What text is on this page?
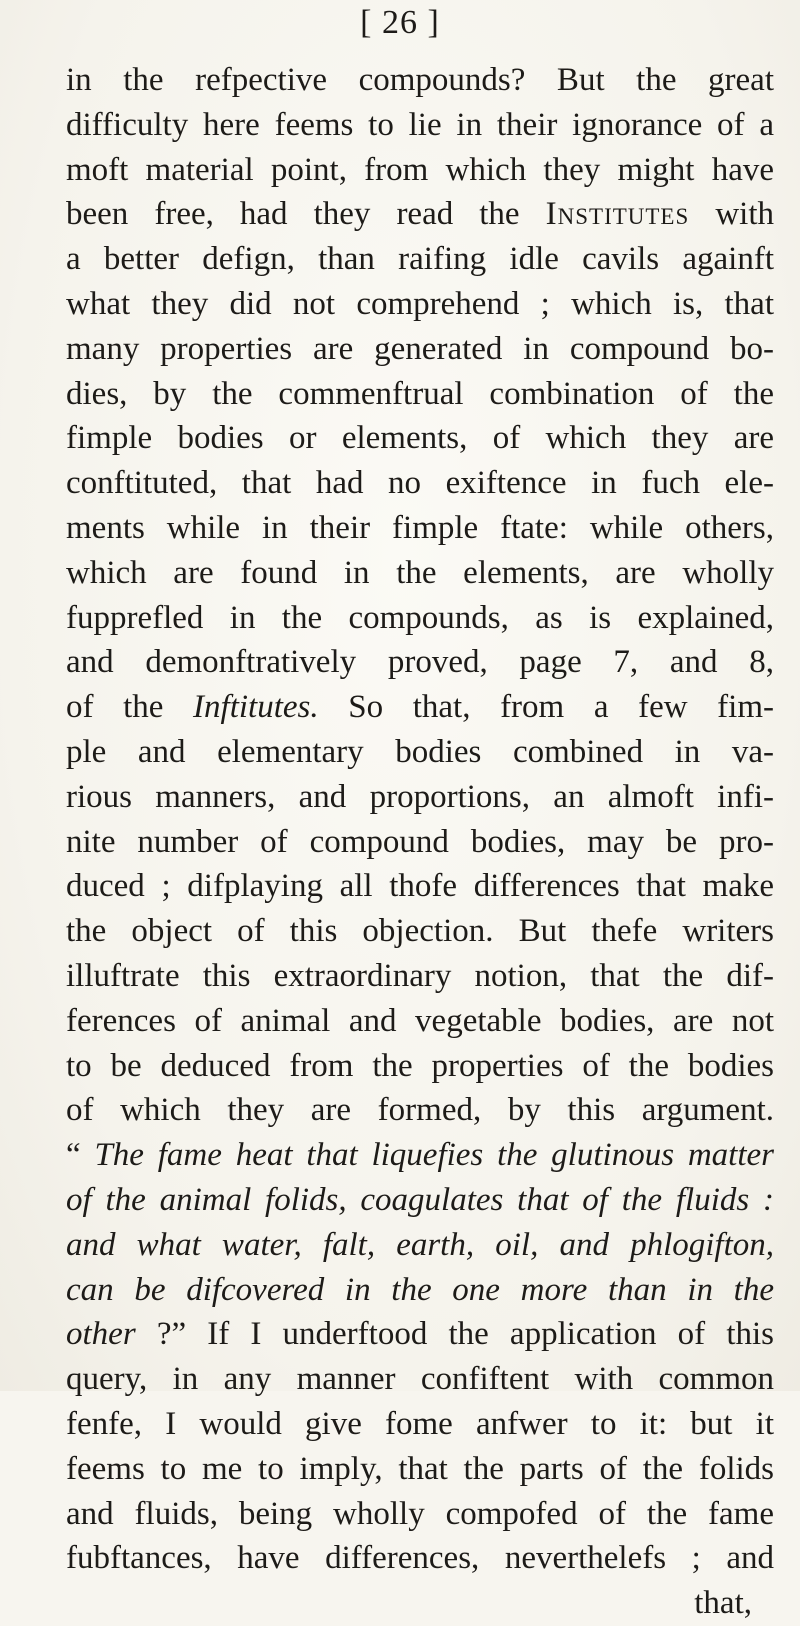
[ 26 ]
in the refpective compounds? But the great
difficulty here feems to lie in their ignorance of a
moft material point, from which they might have
been free, had they read the Institutes with
a better defign, than raifing idle cavils againft
what they did not comprehend ; which is, that
many properties are generated in compound bo-
dies, by the commenftrual combination of the
fimple bodies or elements, of which they are
conftituted, that had no exiftence in fuch ele-
ments while in their fimple ftate: while others,
which are found in the elements, are wholly
fupprefled in the compounds, as is explained,
and demonftratively proved, page 7, and 8,
of the Inftitutes. So that, from a few fim-
ple and elementary bodies combined in va-
rious manners, and proportions, an almoft infi-
nite number of compound bodies, may be pro-
duced ; difplaying all thofe differences that make
the object of this objection. But thefe writers
illuftrate this extraordinary notion, that the dif-
ferences of animal and vegetable bodies, are not
to be deduced from the properties of the bodies
of which they are formed, by this argument.
“ The fame heat that liquefies the glutinous matter
of the animal folids, coagulates that of the fluids :
and what water, falt, earth, oil, and phlogifton,
can be difcovered in the one more than in the
other ?” If I underftood the application of this
query, in any manner confiftent with common
fenfe, I would give fome anfwer to it: but it
feems to me to imply, that the parts of the folids
and fluids, being wholly compofed of the fame
fubftances, have differences, neverthelefs ; and
that,
